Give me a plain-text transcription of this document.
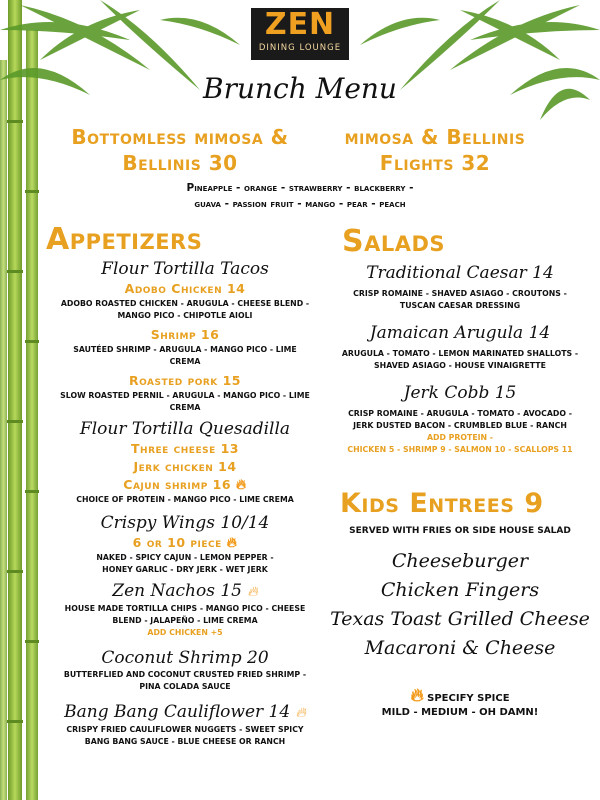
ZEN
DINING LOUNGE
Brunch Menu
Bottomless mimosa &
Bellinis 30
mimosa & Bellinis
Flights 32
Pineapple - orange - strawberry - blackberry -
guava - passion fruit - mango - pear - peach
Appetizers
Flour Tortilla Tacos
Adobo Chicken 14
ADOBO ROASTED CHICKEN - ARUGULA - CHEESE BLEND -
MANGO PICO - CHIPOTLE AIOLI
Shrimp 16
SAUTÉED SHRIMP - ARUGULA - MANGO PICO - LIME
CREMA
Roasted pork 15
SLOW ROASTED PERNIL - ARUGULA - MANGO PICO - LIME
CREMA
Flour Tortilla Quesadilla
Three cheese 13
Jerk chicken 14
Cajun shrimp 16 🔥︎
CHOICE OF PROTEIN - MANGO PICO - LIME CREMA
Crispy Wings 10/14
6 or 10 piece 🔥︎
NAKED - SPICY CAJUN - LEMON PEPPER -
HONEY GARLIC - DRY JERK - WET JERK
Zen Nachos 15 🔥︎
HOUSE MADE TORTILLA CHIPS - MANGO PICO - CHEESE
BLEND - JALAPEÑO - LIME CREMA
ADD CHICKEN +5
Coconut Shrimp 20
BUTTERFLIED AND COCONUT CRUSTED FRIED SHRIMP -
PINA COLADA SAUCE
Bang Bang Cauliflower 14 🔥︎
CRISPY FRIED CAULIFLOWER NUGGETS - SWEET SPICY
BANG BANG SAUCE - BLUE CHEESE OR RANCH
Salads
Traditional Caesar 14
CRISP ROMAINE - SHAVED ASIAGO - CROUTONS -
TUSCAN CAESAR DRESSING
Jamaican Arugula 14
ARUGULA - TOMATO - LEMON MARINATED SHALLOTS -
SHAVED ASIAGO - HOUSE VINAIGRETTE
Jerk Cobb 15
CRISP ROMAINE - ARUGULA - TOMATO - AVOCADO -
JERK DUSTED BACON - CRUMBLED BLUE - RANCH
ADD PROTEIN -
CHICKEN 5 - SHRIMP 9 - SALMON 10 - SCALLOPS 11
Kids Entrees 9
SERVED WITH FRIES OR SIDE HOUSE SALAD
Cheeseburger
Chicken Fingers
Texas Toast Grilled Cheese
Macaroni & Cheese
🔥︎ SPECIFY SPICE
MILD - MEDIUM - OH DAMN!
